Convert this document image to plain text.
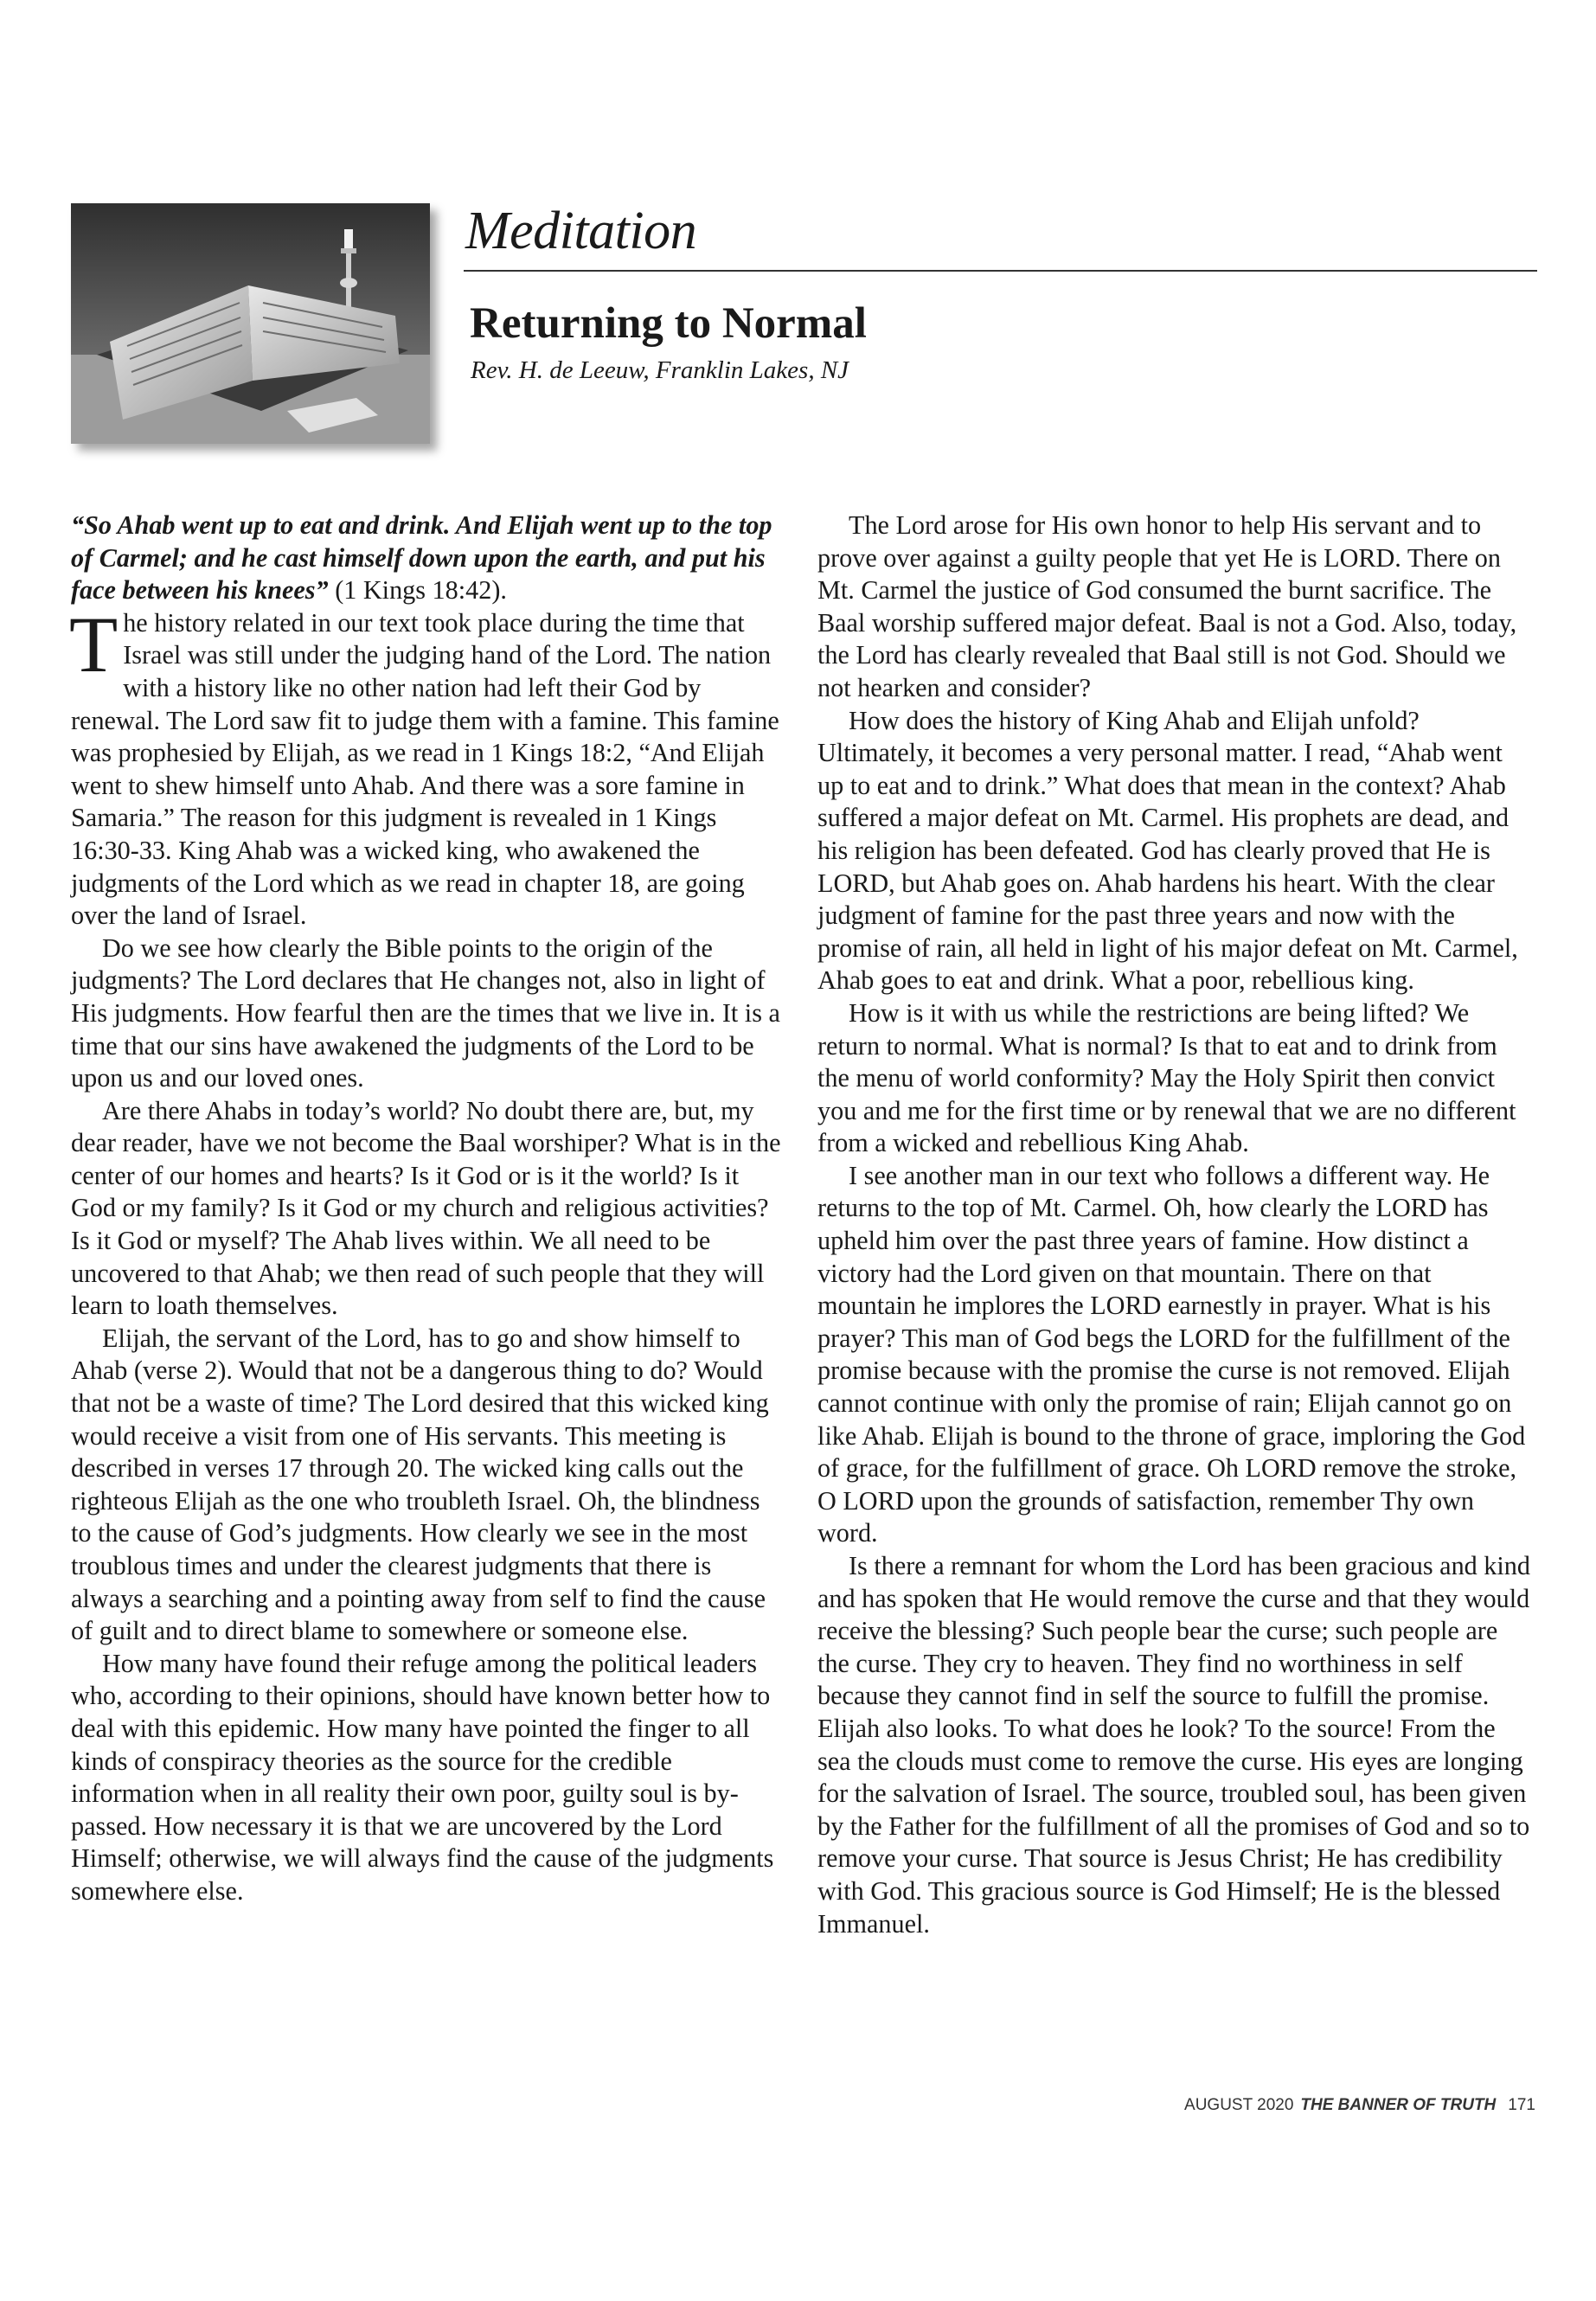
Meditation
Returning to Normal
Rev. H. de Leeuw, Franklin Lakes, NJ

“So Ahab went up to eat and drink. And Elijah went up to the top of Carmel; and he cast himself down upon the earth, and put his face between his knees” (1 Kings 18:42).

The history related in our text took place during the time that Israel was still under the judging hand of the Lord. The nation with a history like no other nation had left their God by renewal. The Lord saw fit to judge them with a famine. This famine was prophesied by Elijah, as we read in 1 Kings 18:2, “And Elijah went to shew himself unto Ahab. And there was a sore famine in Samaria.” The reason for this judgment is revealed in 1 Kings 16:30-33. King Ahab was a wicked king, who awakened the judgments of the Lord which as we read in chapter 18, are going over the land of Israel.

Do we see how clearly the Bible points to the origin of the judgments? The Lord declares that He changes not, also in light of His judgments. How fearful then are the times that we live in. It is a time that our sins have awakened the judgments of the Lord to be upon us and our loved ones.

Are there Ahabs in today’s world? No doubt there are, but, my dear reader, have we not become the Baal worshiper? What is in the center of our homes and hearts? Is it God or is it the world? Is it God or my family? Is it God or my church and religious activities? Is it God or myself? The Ahab lives within. We all need to be uncovered to that Ahab; we then read of such people that they will learn to loath themselves.

Elijah, the servant of the Lord, has to go and show himself to Ahab (verse 2). Would that not be a dangerous thing to do? Would that not be a waste of time? The Lord desired that this wicked king would receive a visit from one of His servants. This meeting is described in verses 17 through 20. The wicked king calls out the righteous Elijah as the one who troubleth Israel. Oh, the blindness to the cause of God’s judgments. How clearly we see in the most troublous times and under the clearest judgments that there is always a searching and a pointing away from self to find the cause of guilt and to direct blame to somewhere or someone else.

How many have found their refuge among the political leaders who, according to their opinions, should have known better how to deal with this epidemic. How many have pointed the finger to all kinds of conspiracy theories as the source for the credible information when in all reality their own poor, guilty soul is by-passed. How necessary it is that we are uncovered by the Lord Himself; otherwise, we will always find the cause of the judgments somewhere else.

The Lord arose for His own honor to help His servant and to prove over against a guilty people that yet He is LORD. There on Mt. Carmel the justice of God consumed the burnt sacrifice. The Baal worship suffered major defeat. Baal is not a God. Also, today, the Lord has clearly revealed that Baal still is not God. Should we not hearken and consider?

How does the history of King Ahab and Elijah unfold? Ultimately, it becomes a very personal matter. I read, “Ahab went up to eat and to drink.” What does that mean in the context? Ahab suffered a major defeat on Mt. Carmel. His prophets are dead, and his religion has been defeated. God has clearly proved that He is LORD, but Ahab goes on. Ahab hardens his heart. With the clear judgment of famine for the past three years and now with the promise of rain, all held in light of his major defeat on Mt. Carmel, Ahab goes to eat and drink. What a poor, rebellious king.

How is it with us while the restrictions are being lifted? We return to normal. What is normal? Is that to eat and to drink from the menu of world conformity? May the Holy Spirit then convict you and me for the first time or by renewal that we are no different from a wicked and rebellious King Ahab.

I see another man in our text who follows a different way. He returns to the top of Mt. Carmel. Oh, how clearly the LORD has upheld him over the past three years of famine. How distinct a victory had the Lord given on that mountain. There on that mountain he implores the LORD earnestly in prayer. What is his prayer? This man of God begs the LORD for the fulfillment of the promise because with the promise the curse is not removed. Elijah cannot continue with only the promise of rain; Elijah cannot go on like Ahab. Elijah is bound to the throne of grace, imploring the God of grace, for the fulfillment of grace. Oh LORD remove the stroke, O LORD upon the grounds of satisfaction, remember Thy own word.

Is there a remnant for whom the Lord has been gracious and kind and has spoken that He would remove the curse and that they would receive the blessing? Such people bear the curse; such people are the curse. They cry to heaven. They find no worthiness in self because they cannot find in self the source to fulfill the promise. Elijah also looks. To what does he look? To the source! From the sea the clouds must come to remove the curse. His eyes are longing for the salvation of Israel. The source, troubled soul, has been given by the Father for the fulfillment of all the promises of God and so to remove your curse. That source is Jesus Christ; He has credibility with God. This gracious source is God Himself; He is the blessed Immanuel.

AUGUST 2020 THE BANNER OF TRUTH 171
